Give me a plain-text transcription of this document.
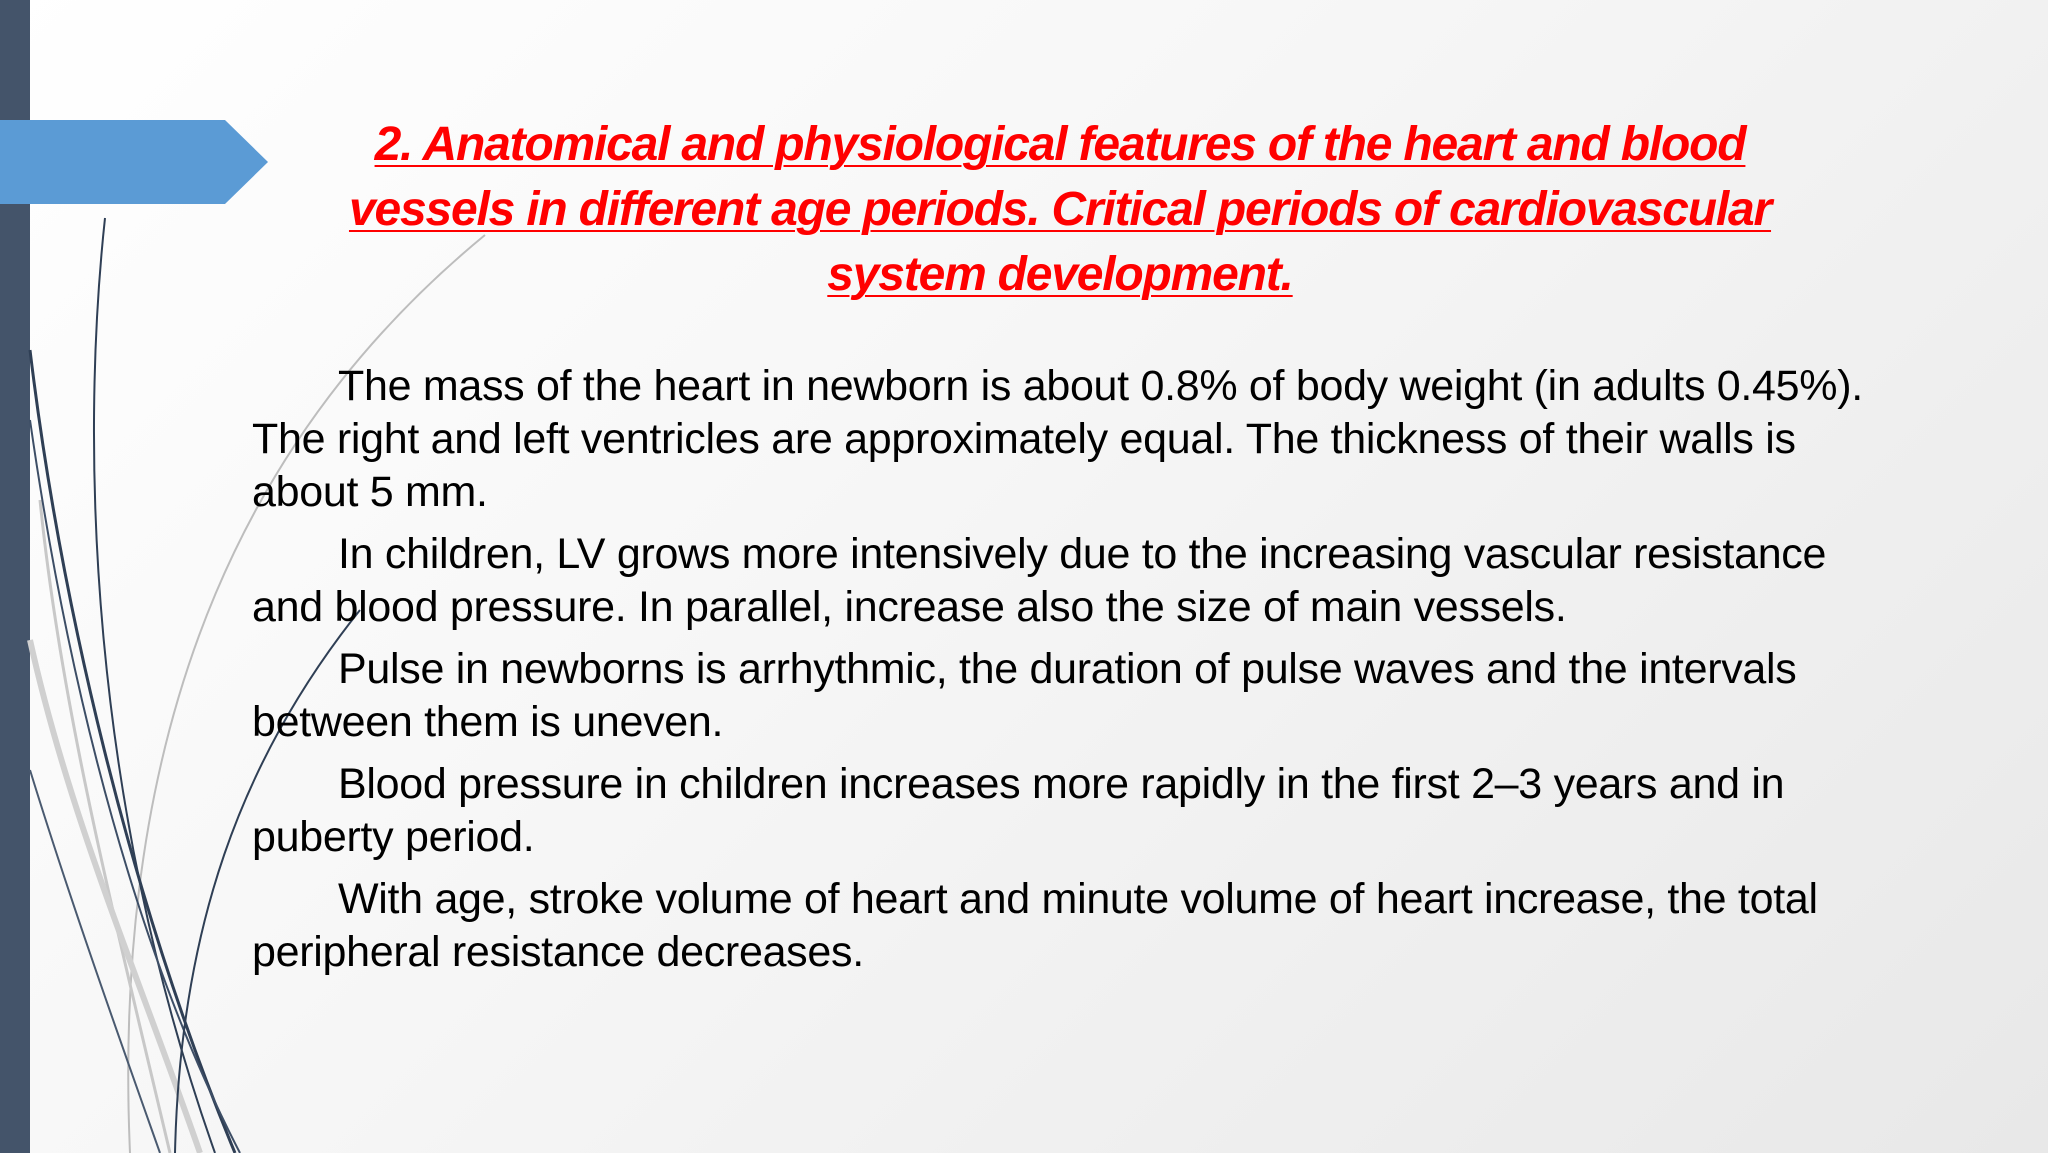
2. Anatomical and physiological features of the heart and blood vessels in different age periods. Critical periods of cardiovascular system development.

The mass of the heart in newborn is about 0.8% of body weight (in adults 0.45%). The right and left ventricles are approximately equal. The thickness of their walls is about 5 mm.

In children, LV grows more intensively due to the increasing vascular resistance and blood pressure. In parallel, increase also the size of main vessels.

Pulse in newborns is arrhythmic, the duration of pulse waves and the intervals between them is uneven.

Blood pressure in children increases more rapidly in the first 2–3 years and in puberty period.

With age, stroke volume of heart and minute volume of heart increase, the total peripheral resistance decreases.
